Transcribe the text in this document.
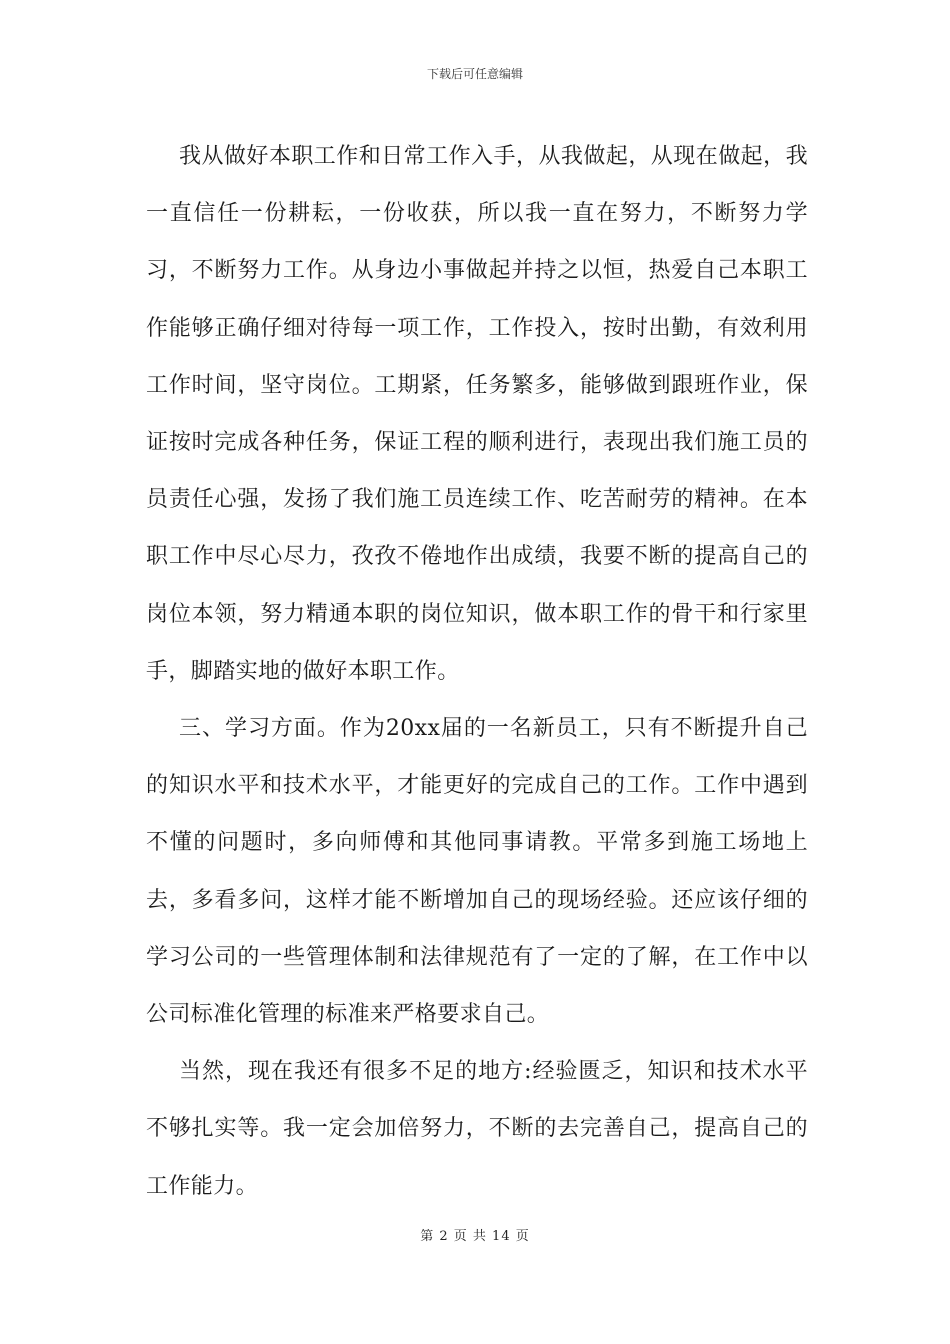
下载后可任意编辑

我从做好本职工作和日常工作入手，从我做起，从现在做起，我一直信任一份耕耘，一份收获，所以我一直在努力，不断努力学习，不断努力工作。从身边小事做起并持之以恒，热爱自己本职工作能够正确仔细对待每一项工作，工作投入，按时出勤，有效利用工作时间，坚守岗位。工期紧，任务繁多，能够做到跟班作业，保证按时完成各种任务，保证工程的顺利进行，表现出我们施工员的员责任心强，发扬了我们施工员连续工作、吃苦耐劳的精神。在本职工作中尽心尽力，孜孜不倦地作出成绩，我要不断的提高自己的岗位本领，努力精通本职的岗位知识，做本职工作的骨干和行家里手，脚踏实地的做好本职工作。

三、学习方面。作为20xx届的一名新员工，只有不断提升自己的知识水平和技术水平，才能更好的完成自己的工作。工作中遇到不懂的问题时，多向师傅和其他同事请教。平常多到施工场地上去，多看多问，这样才能不断增加自己的现场经验。还应该仔细的学习公司的一些管理体制和法律规范有了一定的了解，在工作中以公司标准化管理的标准来严格要求自己。

当然，现在我还有很多不足的地方:经验匮乏，知识和技术水平不够扎实等。我一定会加倍努力，不断的去完善自己，提高自己的工作能力。

第 2 页 共 14 页
